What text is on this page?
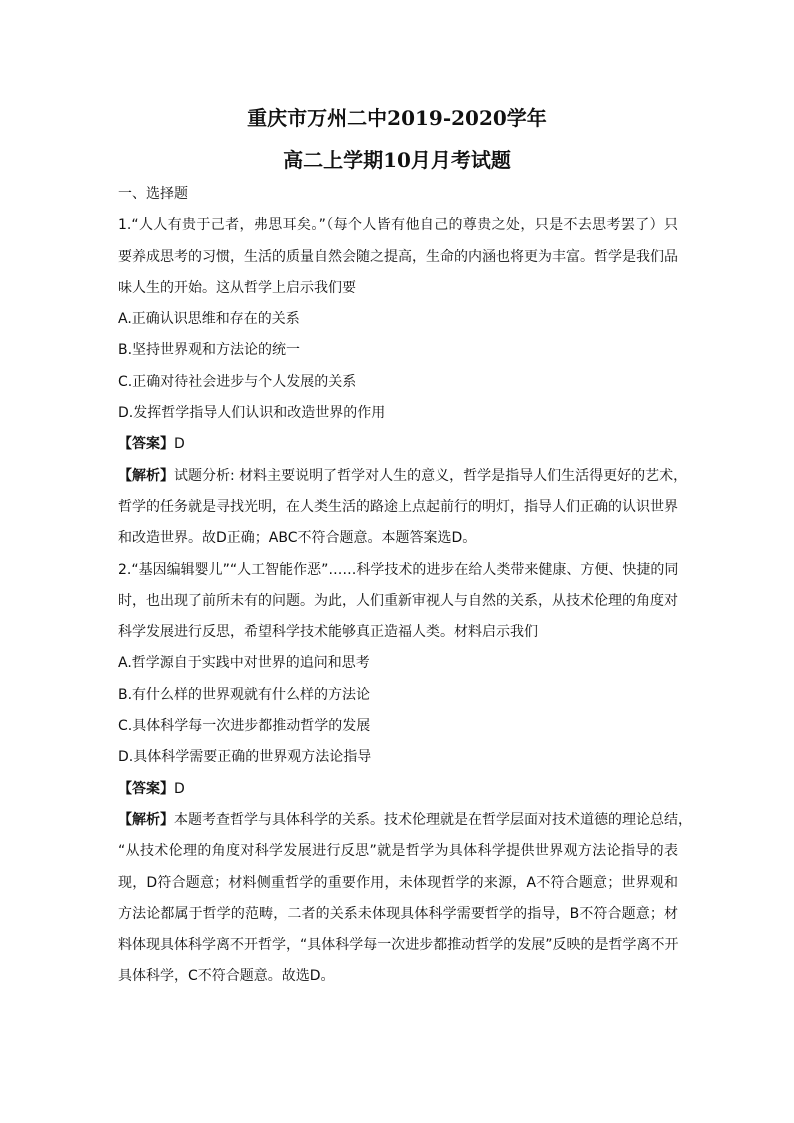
重庆市万州二中2019-2020学年
高二上学期10月月考试题
一、选择题
1.“人人有贵于己者，弗思耳矣。”（每个人皆有他自己的尊贵之处，只是不去思考罢了）只
要养成思考的习惯，生活的质量自然会随之提高，生命的内涵也将更为丰富。哲学是我们品
味人生的开始。这从哲学上启示我们要
A.正确认识思维和存在的关系
B.坚持世界观和方法论的统一
C.正确对待社会进步与个人发展的关系
D.发挥哲学指导人们认识和改造世界的作用
【答案】D
【解析】试题分析: 材料主要说明了哲学对人生的意义，哲学是指导人们生活得更好的艺术，
哲学的任务就是寻找光明，在人类生活的路途上点起前行的明灯，指导人们正确的认识世界
和改造世界。故D正确；ABC不符合题意。本题答案选D。
2.“基因编辑婴儿”“人工智能作恶”……科学技术的进步在给人类带来健康、方便、快捷的同
时，也出现了前所未有的问题。为此，人们重新审视人与自然的关系，从技术伦理的角度对
科学发展进行反思，希望科学技术能够真正造福人类。材料启示我们
A.哲学源自于实践中对世界的追问和思考
B.有什么样的世界观就有什么样的方法论
C.具体科学每一次进步都推动哲学的发展
D.具体科学需要正确的世界观方法论指导
【答案】D
【解析】本题考查哲学与具体科学的关系。技术伦理就是在哲学层面对技术道德的理论总结，
“从技术伦理的角度对科学发展进行反思”就是哲学为具体科学提供世界观方法论指导的表
现，D符合题意；材料侧重哲学的重要作用，未体现哲学的来源，A不符合题意；世界观和
方法论都属于哲学的范畴，二者的关系未体现具体科学需要哲学的指导，B不符合题意；材
料体现具体科学离不开哲学，“具体科学每一次进步都推动哲学的发展”反映的是哲学离不开
具体科学，C不符合题意。故选D。
